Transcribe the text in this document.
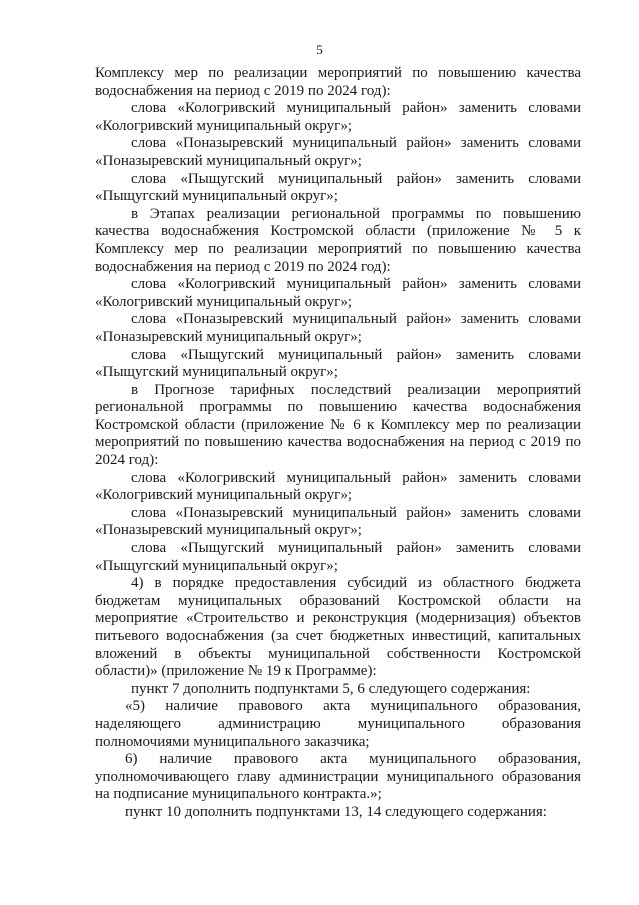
5

Комплексу мер по реализации мероприятий по повышению качества

водоснабжения на период с 2019 по 2024 год):

слова «Кологривский муниципальный район» заменить словами

«Кологривский муниципальный округ»;

слова «Поназыревский муниципальный район» заменить словами

«Поназыревский муниципальный округ»;

слова «Пыщугский муниципальный район» заменить словами

«Пыщугский муниципальный округ»;

в Этапах реализации региональной программы по повышению

качества водоснабжения Костромской области (приложение № 5 к

Комплексу мер по реализации мероприятий по повышению качества

водоснабжения на период с 2019 по 2024 год):

слова «Кологривский муниципальный район» заменить словами

«Кологривский муниципальный округ»;

слова «Поназыревский муниципальный район» заменить словами

«Поназыревский муниципальный округ»;

слова «Пыщугский муниципальный район» заменить словами

«Пыщугский муниципальный округ»;

в Прогнозе тарифных последствий реализации мероприятий

региональной программы по повышению качества водоснабжения

Костромской области (приложение № 6 к Комплексу мер по реализации

мероприятий по повышению качества водоснабжения на период с 2019 по

2024 год):

слова «Кологривский муниципальный район» заменить словами

«Кологривский муниципальный округ»;

слова «Поназыревский муниципальный район» заменить словами

«Поназыревский муниципальный округ»;

слова «Пыщугский муниципальный район» заменить словами

«Пыщугский муниципальный округ»;

4) в порядке предоставления субсидий из областного бюджета

бюджетам муниципальных образований Костромской области на

мероприятие «Строительство и реконструкция (модернизация) объектов

питьевого водоснабжения (за счет бюджетных инвестиций, капитальных

вложений в объекты муниципальной собственности Костромской

области)» (приложение № 19 к Программе):

пункт 7 дополнить подпунктами 5, 6 следующего содержания:

«5) наличие правового акта муниципального образования,

наделяющего администрацию муниципального образования

полномочиями муниципального заказчика;

6) наличие правового акта муниципального образования,

уполномочивающего главу администрации муниципального образования

на подписание муниципального контракта.»;

пункт 10 дополнить подпунктами 13, 14 следующего содержания:
